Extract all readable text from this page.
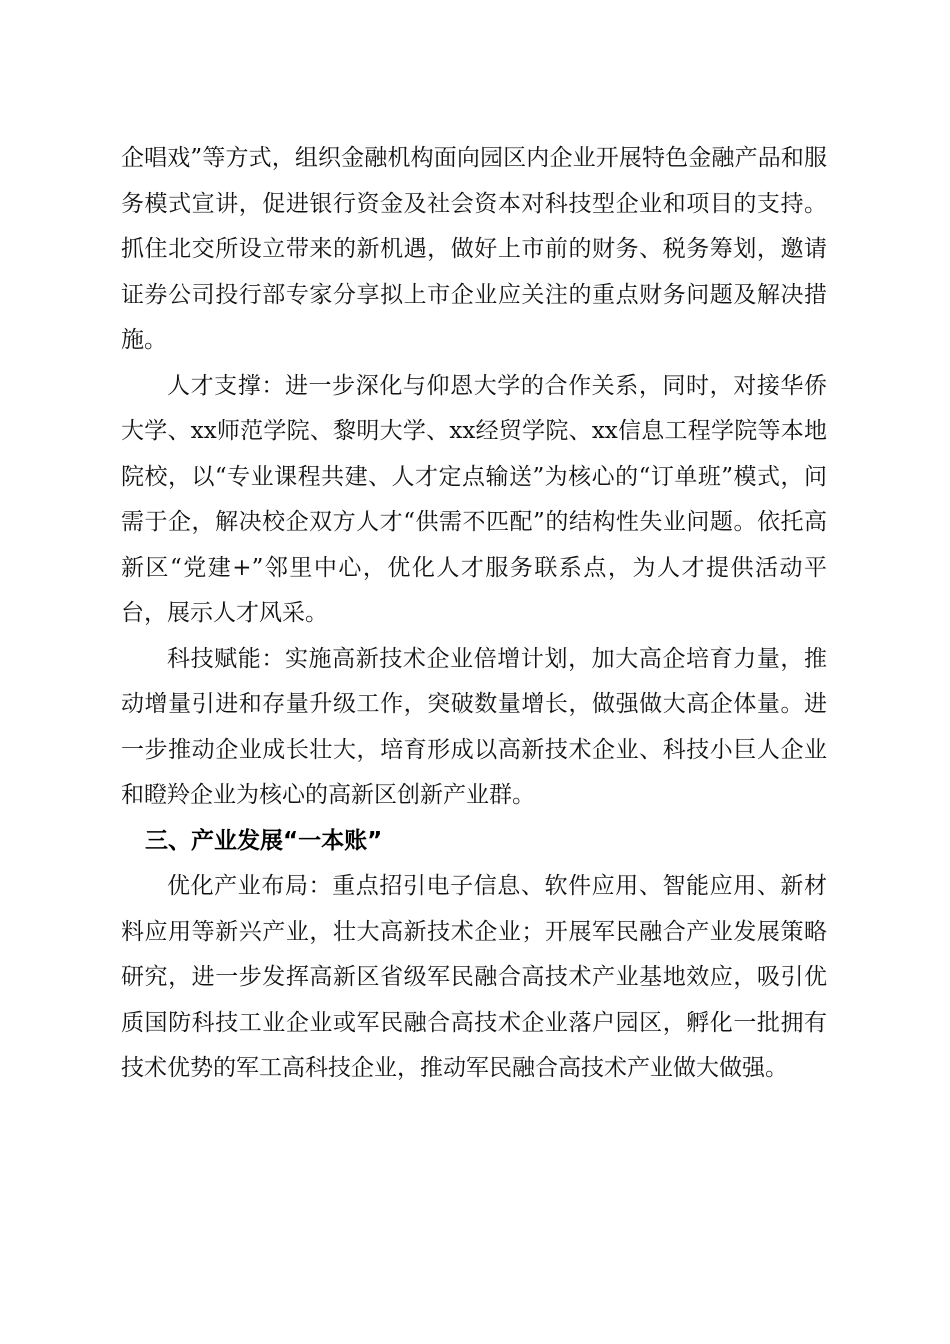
企唱戏”等方式，组织金融机构面向园区内企业开展特色金融产品和服务模式宣讲，促进银行资金及社会资本对科技型企业和项目的支持。抓住北交所设立带来的新机遇，做好上市前的财务、税务筹划，邀请证券公司投行部专家分享拟上市企业应关注的重点财务问题及解决措施。

人才支撑：进一步深化与仰恩大学的合作关系，同时，对接华侨大学、xx师范学院、黎明大学、xx经贸学院、xx信息工程学院等本地院校，以“专业课程共建、人才定点输送”为核心的“订单班”模式，问需于企，解决校企双方人才“供需不匹配”的结构性失业问题。依托高新区“党建+”邻里中心，优化人才服务联系点，为人才提供活动平台，展示人才风采。

科技赋能：实施高新技术企业倍增计划，加大高企培育力量，推动增量引进和存量升级工作，突破数量增长，做强做大高企体量。进一步推动企业成长壮大，培育形成以高新技术企业、科技小巨人企业和瞪羚企业为核心的高新区创新产业群。

三、产业发展“一本账”

优化产业布局：重点招引电子信息、软件应用、智能应用、新材料应用等新兴产业，壮大高新技术企业；开展军民融合产业发展策略研究，进一步发挥高新区省级军民融合高技术产业基地效应，吸引优质国防科技工业企业或军民融合高技术企业落户园区，孵化一批拥有技术优势的军工高科技企业，推动军民融合高技术产业做大做强。
